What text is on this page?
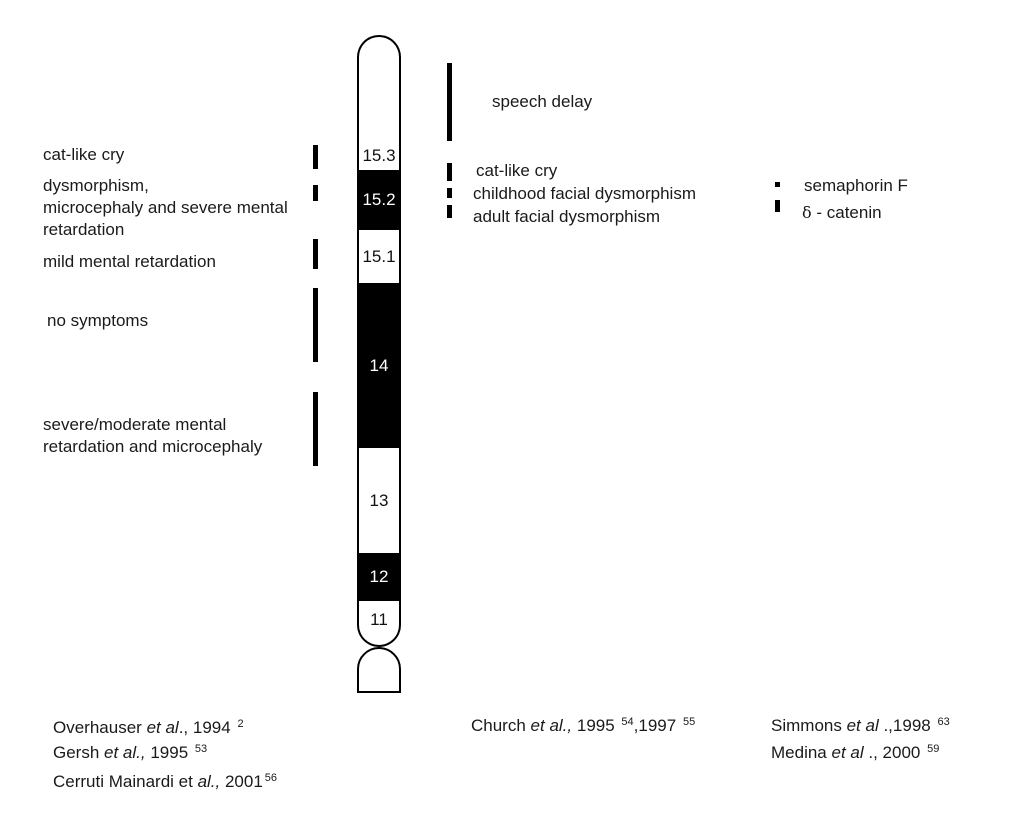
15.3
15.2
15.1
14
13
12
11
cat-like cry
dysmorphism,
microcephaly and severe mental
retardation
mild mental retardation
no symptoms
severe/moderate mental
retardation and microcephaly
speech delay
cat-like cry
childhood facial dysmorphism
adult facial dysmorphism
semaphorin F
δ - catenin
Overhauser et al., 1994 $^2$
Gersh et al., 1995 $^{53}$
Cerruti Mainardi et al., 2001 $^{56}$
Church et al., 1995 $^{54}$,1997 $^{55}$	Simmons et al .,1998 $^{63}$
Medina et al ., 2000 $^{59}$
